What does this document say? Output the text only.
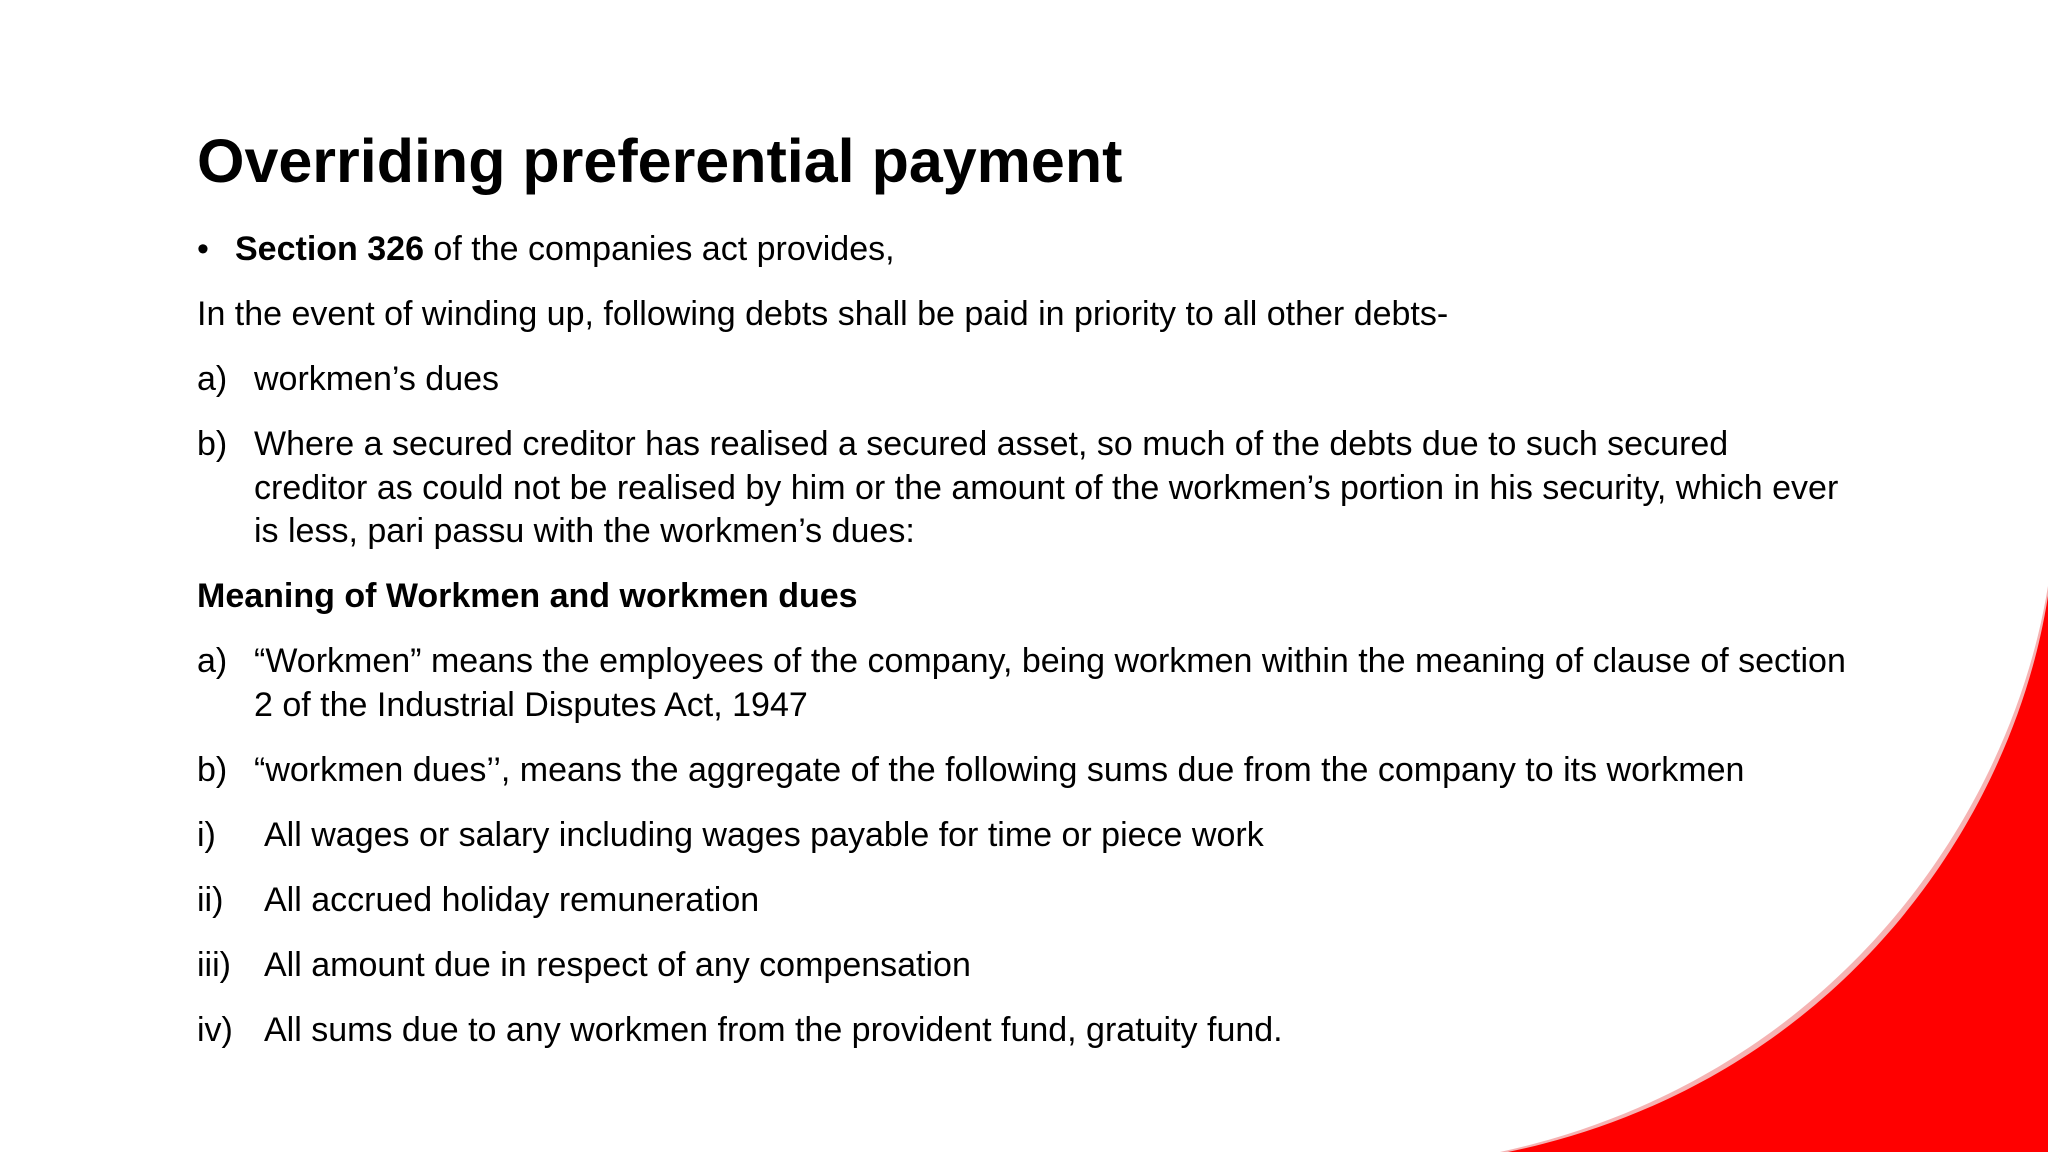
Overriding preferential payment
• Section 326 of the companies act provides,

In the event of winding up, following debts shall be paid in priority to all other debts-

a) workmen’s dues
b) Where a secured creditor has realised a secured asset, so much of the debts due to such secured creditor as could not be realised by him or the amount of the workmen’s portion in his security, which ever is less, pari passu with the workmen’s dues:

Meaning of Workmen and workmen dues

a) “Workmen” means the employees of the company, being workmen within the meaning of clause of section 2 of the Industrial Disputes Act, 1947
b) “workmen dues’’, means the aggregate of the following sums due from the company to its workmen
i)	All wages or salary including wages payable for time or piece work
ii)	All accrued holiday remuneration
iii) All amount due in respect of any compensation
iv) All sums due to any workmen from the provident fund, gratuity fund.
